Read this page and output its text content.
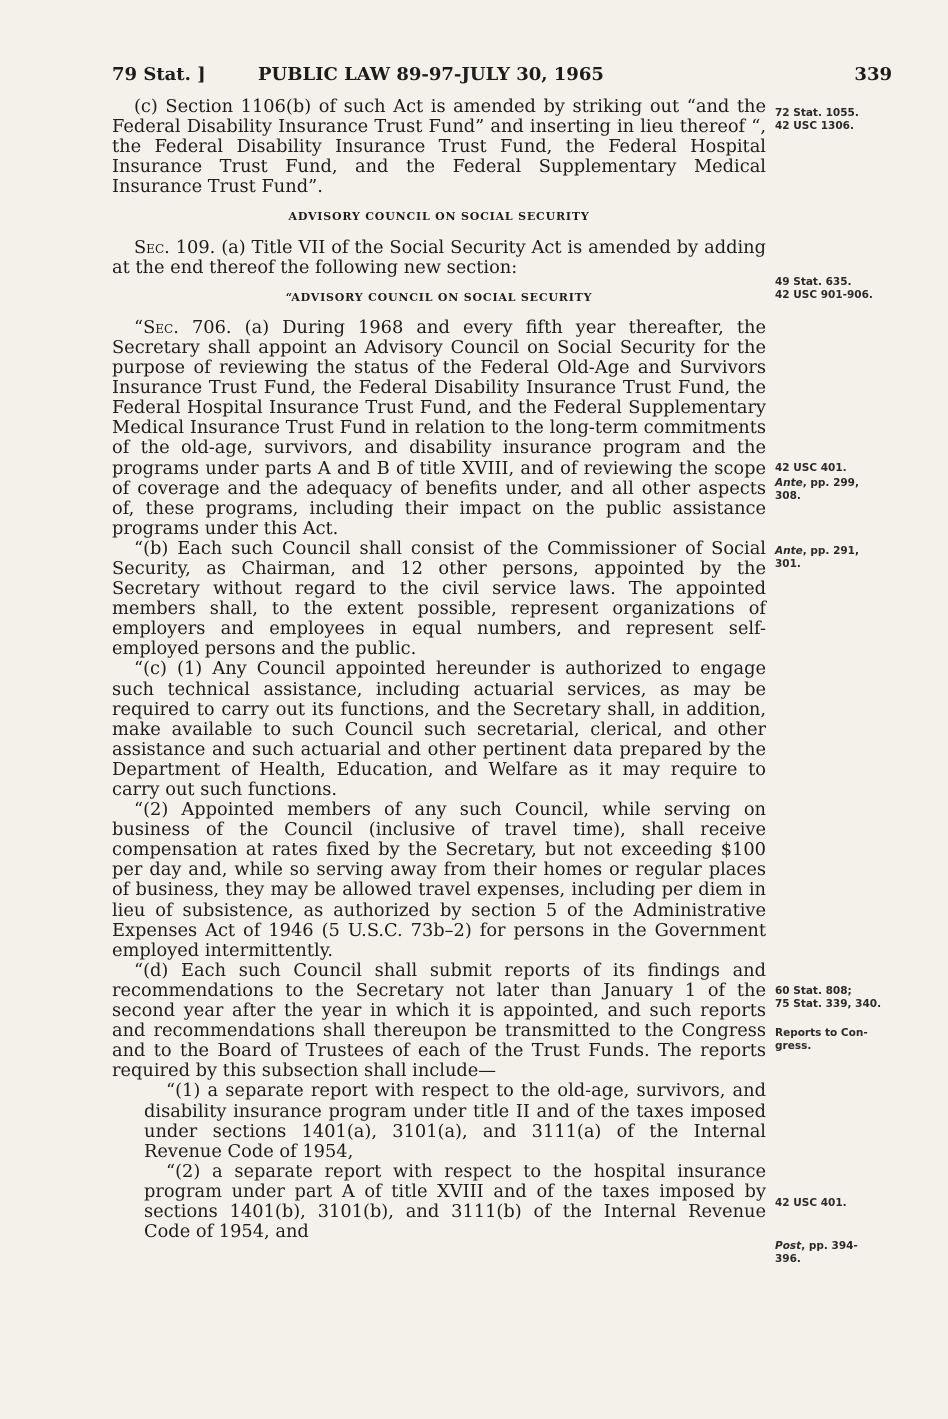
79 Stat. ]	PUBLIC LAW 89-97-JULY 30, 1965	339

(c) Section 1106(b) of such Act is amended by striking out “and the Federal Disability Insurance Trust Fund” and inserting in lieu thereof “, the Federal Disability Insurance Trust Fund, the Federal Hospital Insurance Trust Fund, and the Federal Supplementary Medical Insurance Trust Fund”.

ADVISORY COUNCIL ON SOCIAL SECURITY

Sec. 109. (a) Title VII of the Social Security Act is amended by adding at the end thereof the following new section:

“ADVISORY COUNCIL ON SOCIAL SECURITY

“Sec. 706. (a) During 1968 and every fifth year thereafter, the Secretary shall appoint an Advisory Council on Social Security for the purpose of reviewing the status of the Federal Old-Age and Survivors Insurance Trust Fund, the Federal Disability Insurance Trust Fund, the Federal Hospital Insurance Trust Fund, and the Federal Supplementary Medical Insurance Trust Fund in relation to the long-term commitments of the old-age, survivors, and disability insurance program and the programs under parts A and B of title XVIII, and of reviewing the scope of coverage and the adequacy of benefits under, and all other aspects of, these programs, including their impact on the public assistance programs under this Act.

“(b) Each such Council shall consist of the Commissioner of Social Security, as Chairman, and 12 other persons, appointed by the Secretary without regard to the civil service laws. The appointed members shall, to the extent possible, represent organizations of employers and employees in equal numbers, and represent self-employed persons and the public.

“(c) (1) Any Council appointed hereunder is authorized to engage such technical assistance, including actuarial services, as may be required to carry out its functions, and the Secretary shall, in addition, make available to such Council such secretarial, clerical, and other assistance and such actuarial and other pertinent data prepared by the Department of Health, Education, and Welfare as it may require to carry out such functions.

“(2) Appointed members of any such Council, while serving on business of the Council (inclusive of travel time), shall receive compensation at rates fixed by the Secretary, but not exceeding $100 per day and, while so serving away from their homes or regular places of business, they may be allowed travel expenses, including per diem in lieu of subsistence, as authorized by section 5 of the Administrative Expenses Act of 1946 (5 U.S.C. 73b–2) for persons in the Government employed intermittently.

“(d) Each such Council shall submit reports of its findings and recommendations to the Secretary not later than January 1 of the second year after the year in which it is appointed, and such reports and recommendations shall thereupon be transmitted to the Congress and to the Board of Trustees of each of the Trust Funds. The reports required by this subsection shall include—

“(1) a separate report with respect to the old-age, survivors, and disability insurance program under title II and of the taxes imposed under sections 1401(a), 3101(a), and 3111(a) of the Internal Revenue Code of 1954,

“(2) a separate report with respect to the hospital insurance program under part A of title XVIII and of the taxes imposed by sections 1401(b), 3101(b), and 3111(b) of the Internal Revenue Code of 1954, and

72 Stat. 1055.
42 USC 1306.
49 Stat. 635.
42 USC 901-906.
42 USC 401.
Ante, pp. 299,
308.
Ante, pp. 291,
301.
60 Stat. 808;
75 Stat. 339, 340.
Reports to Con-
gress.
42 USC 401.
Post, pp. 394-
396.
